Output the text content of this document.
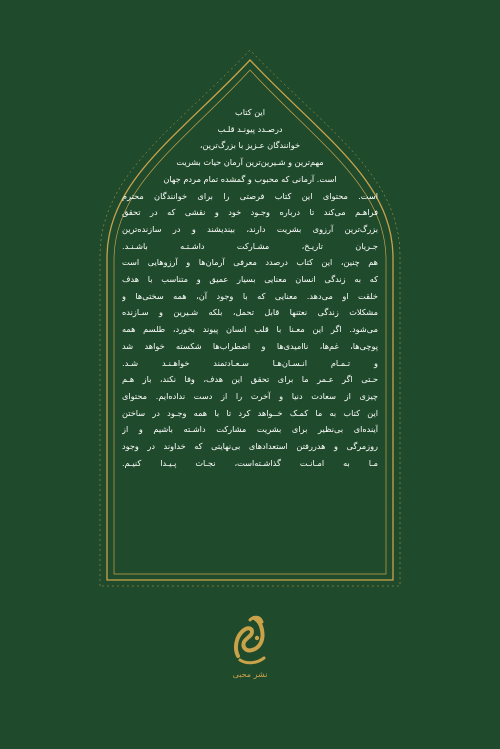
این کتاب
درصـدد پیونـد قلـب
خوانندگان عـزیز با بزرگ‌ترین،
مهم‌ترین و شـیرین‌ترین آرمان حیات بشریت
است. آرمانی که محبوب و گمشده تمام مردم جهان
است. محتوای این کتاب فرصتی را برای خوانندگان محترم
فراهـم می‌کند تا درباره وجـود خود و نقشی که در تحقق
بزرگ‌ترین آرزوی بشریت دارند، بیندیشند و در سازنده‌ترین
جـریان تاریـخ، مشـارکت داشـتـه باشـنـد.
هم چنین، این کتاب درصدد معرفی آرمان‌ها و آرزوهایی است
که به زندگی انسان معنایی بسیار عمیق و متناسب با هدف
خلقت او می‌دهد. معنایی که با وجود آن، همه سختی‌ها و
مشکلات زندگی نعتنها قابل تحمل، بلکه شـیرین و سـازنده
می‌شود. اگر این معـنا با قلب انسان پیوند بخورد، طلسم همه
پوچی‌ها، غم‌ها، ناامیدی‌ها و اضطراب‌ها شکسته خواهد شد
و تـمـام انـسـان‌هـا سـعـادتمند خواهـنـد شـد.
حـتی اگر عـمر ما برای تحقق این هدف، وفا نکند، باز هـم
چیزی از سعادت دنیا و آخرت را از دست نداده‌ایم. محتوای
این کتاب به ما کمـک خــواهد کرد تا با همه وجـود در ساختن
آینده‌ای بی‌نظیر برای بشریت مشارکت داشـته باشیم و از
روزمرگی و هدررفتن استعدادهای بی‌نهایتی که خداوند در وجود
مـا به امـانـت گذاشـته‌است، نجـات پـیـدا کنیـم.
نشر محبی
